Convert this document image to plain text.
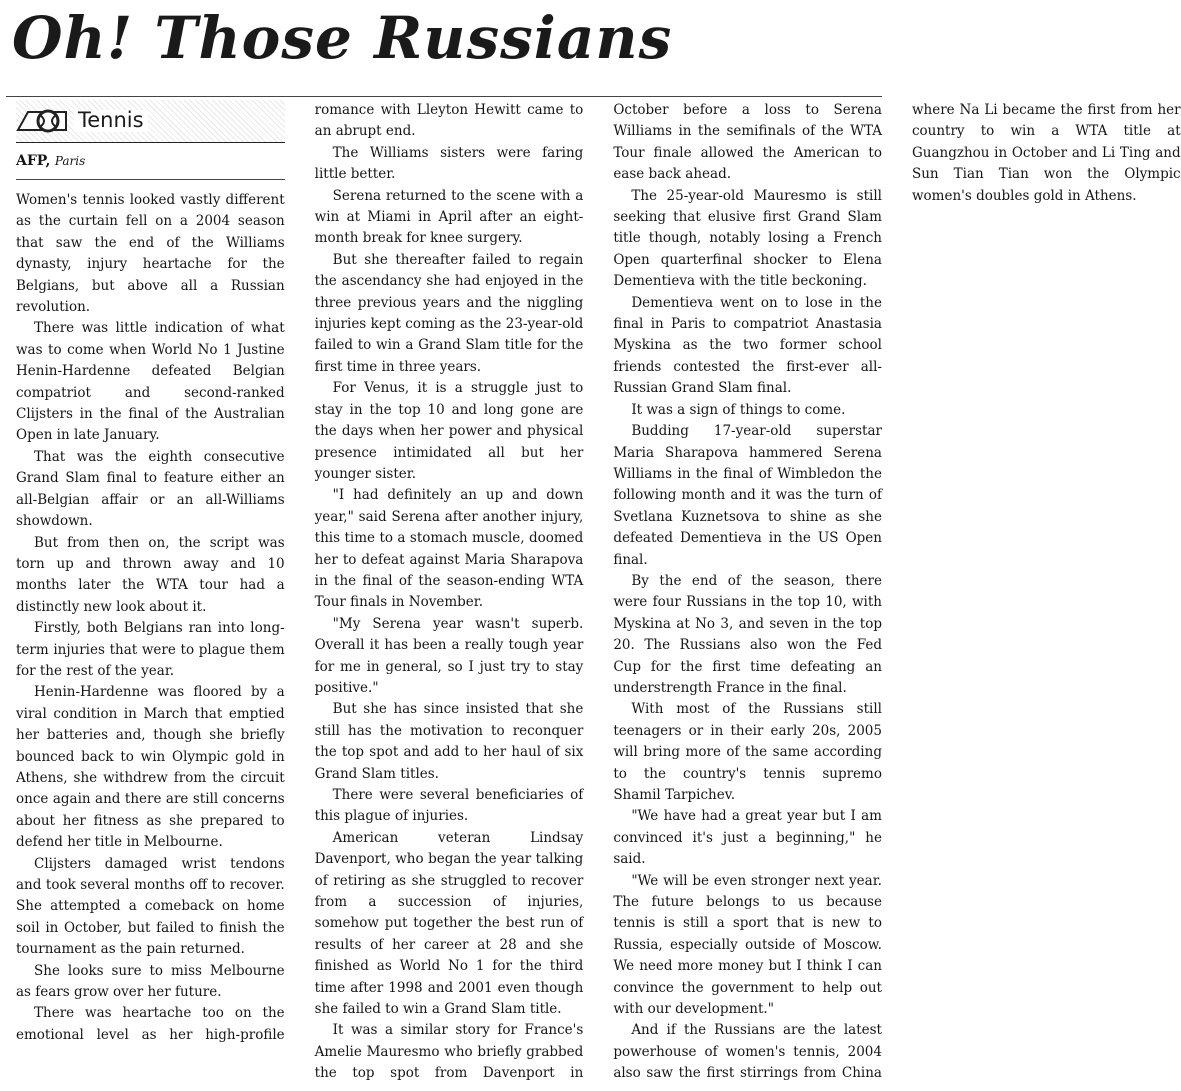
Oh! Those Russians
Tennis
AFP, Paris

Women's tennis looked vastly different as the curtain fell on a 2004 season that saw the end of the Williams dynasty, injury heartache for the Belgians, but above all a Russian revolution.

There was little indication of what was to come when World No 1 Justine Henin-Hardenne defeated Belgian compatriot and second-ranked Clijsters in the final of the Australian Open in late January.

That was the eighth consecutive Grand Slam final to feature either an all-Belgian affair or an all-Williams showdown.

But from then on, the script was torn up and thrown away and 10 months later the WTA tour had a distinctly new look about it.

Firstly, both Belgians ran into long-term injuries that were to plague them for the rest of the year.

Henin-Hardenne was floored by a viral condition in March that emptied her batteries and, though she briefly bounced back to win Olympic gold in Athens, she withdrew from the circuit once again and there are still concerns about her fitness as she prepared to defend her title in Melbourne.

Clijsters damaged wrist tendons and took several months off to recover. She attempted a comeback on home soil in October, but failed to finish the tournament as the pain returned.

She looks sure to miss Melbourne as fears grow over her future.

There was heartache too on the emotional level as her high-profile romance with Lleyton Hewitt came to an abrupt end.

The Williams sisters were faring little better.

Serena returned to the scene with a win at Miami in April after an eight-month break for knee surgery.

But she thereafter failed to regain the ascendancy she had enjoyed in the three previous years and the niggling injuries kept coming as the 23-year-old failed to win a Grand Slam title for the first time in three years.

For Venus, it is a struggle just to stay in the top 10 and long gone are the days when her power and physical presence intimidated all but her younger sister.

"I had definitely an up and down year," said Serena after another injury, this time to a stomach muscle, doomed her to defeat against Maria Sharapova in the final of the season-ending WTA Tour finals in November.

"My Serena year wasn't superb. Overall it has been a really tough year for me in general, so I just try to stay positive."

But she has since insisted that she still has the motivation to reconquer the top spot and add to her haul of six Grand Slam titles.

There were several beneficiaries of this plague of injuries.

American veteran Lindsay Davenport, who began the year talking of retiring as she struggled to recover from a succession of injuries, somehow put together the best run of results of her career at 28 and she finished as World No 1 for the third time after 1998 and 2001 even though she failed to win a Grand Slam title.

It was a similar story for France's Amelie Mauresmo who briefly grabbed the top spot from Davenport in October before a loss to Serena Williams in the semifinals of the WTA Tour finale allowed the American to ease back ahead.

The 25-year-old Mauresmo is still seeking that elusive first Grand Slam title though, notably losing a French Open quarterfinal shocker to Elena Dementieva with the title beckoning.

Dementieva went on to lose in the final in Paris to compatriot Anastasia Myskina as the two former school friends contested the first-ever all-Russian Grand Slam final.

It was a sign of things to come.

Budding 17-year-old superstar Maria Sharapova hammered Serena Williams in the final of Wimbledon the following month and it was the turn of Svetlana Kuznetsova to shine as she defeated Dementieva in the US Open final.

By the end of the season, there were four Russians in the top 10, with Myskina at No 3, and seven in the top 20. The Russians also won the Fed Cup for the first time defeating an understrength France in the final.

With most of the Russians still teenagers or in their early 20s, 2005 will bring more of the same according to the country's tennis supremo Shamil Tarpichev.

"We have had a great year but I am convinced it's just a beginning," he said.

"We will be even stronger next year. The future belongs to us because tennis is still a sport that is new to Russia, especially outside of Moscow. We need more money but I think I can convince the government to help out with our development."

And if the Russians are the latest powerhouse of women's tennis, 2004 also saw the first stirrings from China where Na Li became the first from her country to win a WTA title at Guangzhou in October and Li Ting and Sun Tian Tian won the Olympic women's doubles gold in Athens.
